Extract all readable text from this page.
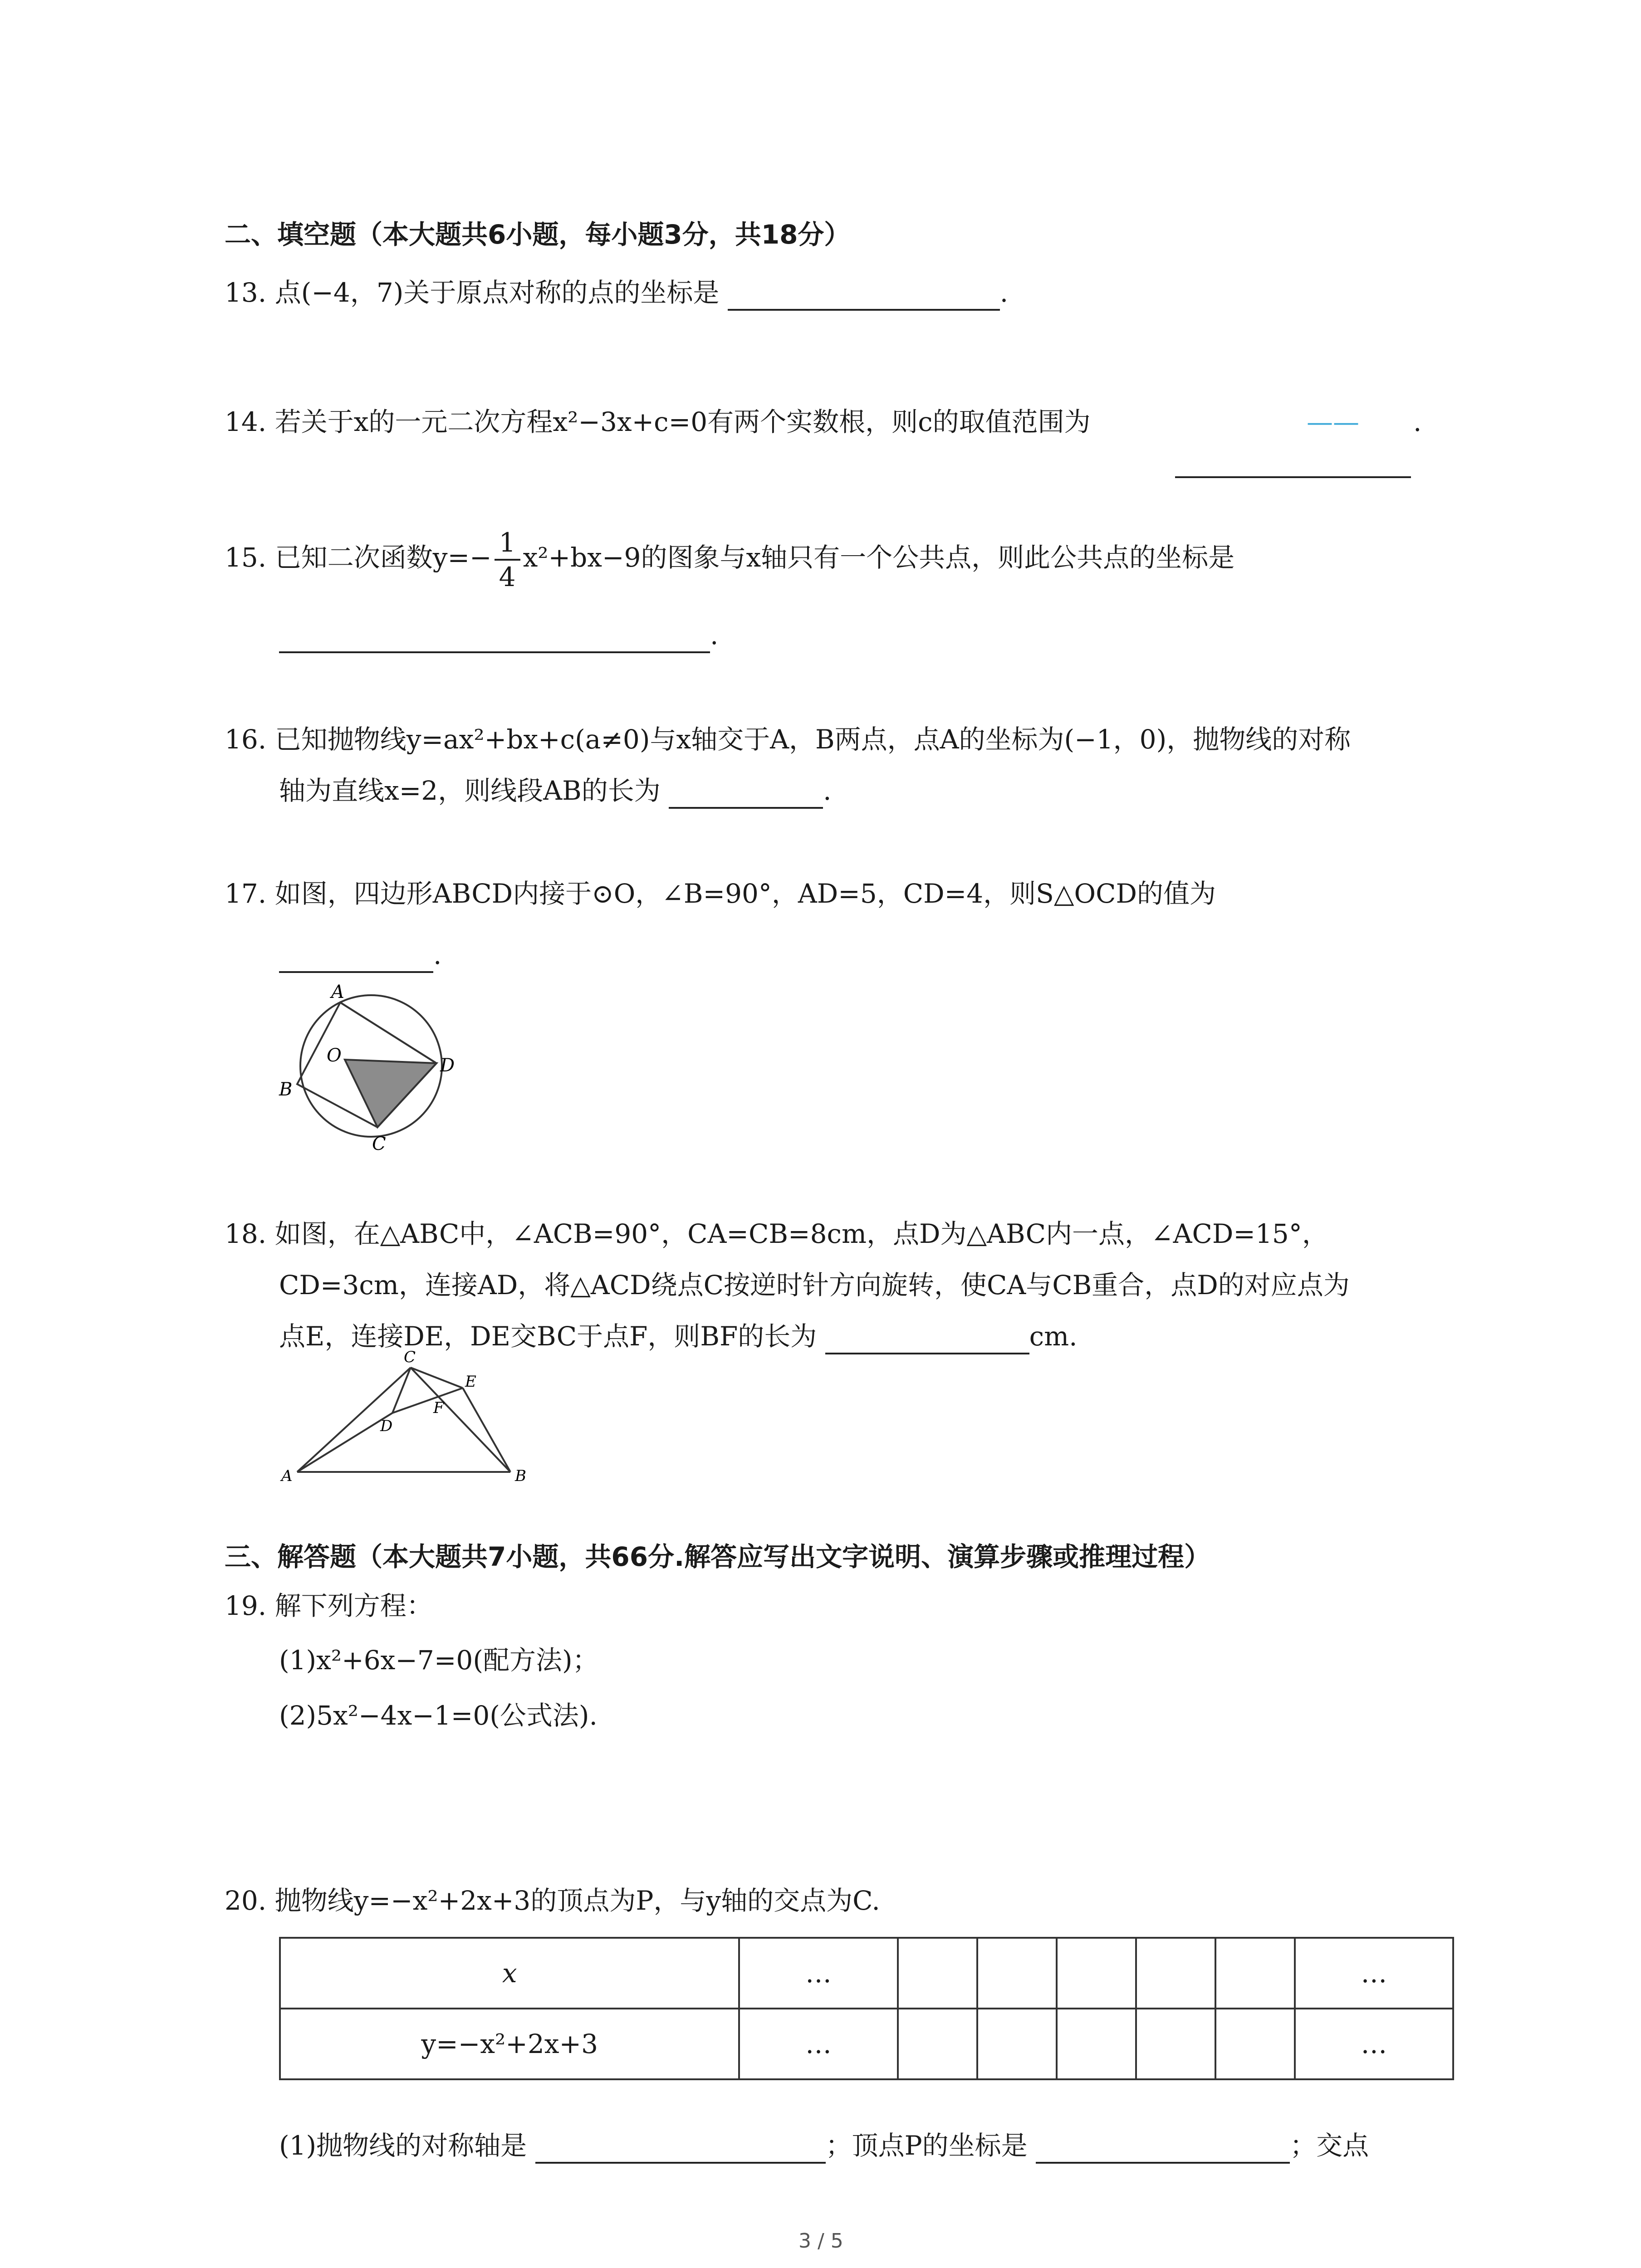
二、填空题（本大题共6小题，每小题3分，共18分）
13. 点(−4，7)关于原点对称的点的坐标是	.
14. 若关于x的一元二次方程x²−3x+c=0有两个实数根，则c的取值范围为	—— .
15. 已知二次函数$y=- \frac{1}{4} x^2+bx-9$的图象与x轴只有一个公共点，则此公共点的坐标是
.
16. 已知抛物线y=ax²+bx+c(a≠0)与x轴交于A，B两点，点A的坐标为(−1，0)，抛物线的对称
轴为直线x=2，则线段AB的长为	.
17. 如图，四边形ABCD内接于⊙O，∠B=90°，AD=5，CD=4，则S△OCD的值为
.
A
B
C
D
O
18. 如图，在△ABC中，∠ACB=90°，CA=CB=8cm，点D为△ABC内一点，∠ACD=15°，
CD=3cm，连接AD，将△ACD绕点C按逆时针方向旋转，使CA与CB重合，点D的对应点为
点E，连接DE，DE交BC于点F，则BF的长为	cm.
C
A	B
D
E
F
三、解答题（本大题共7小题，共66分.解答应写出文字说明、演算步骤或推理过程）
19. 解下列方程：
(1)x²+6x−7=0(配方法)；
(2)5x²−4x−1=0(公式法).
20. 抛物线y=−x²+2x+3的顶点为P，与y轴的交点为C.
x	…						…
y=−x²+2x+3	…						…
(1)抛物线的对称轴是	；顶点P的坐标是	；交点
3 / 5
